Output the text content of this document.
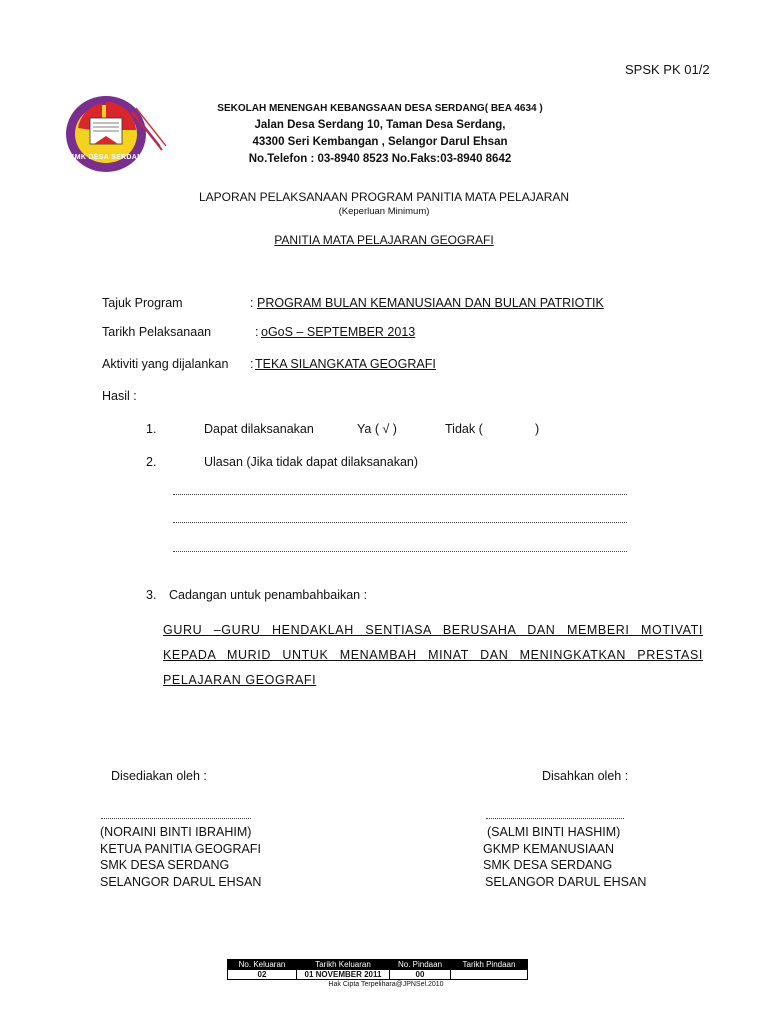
SPSK PK 01/2
SMK DESA SERDANG
SEKOLAH MENENGAH KEBANGSAAN DESA SERDANG( BEA 4634 )
Jalan Desa Serdang 10, Taman Desa Serdang,
43300 Seri Kembangan , Selangor Darul Ehsan
No.Telefon : 03-8940 8523 No.Faks:03-8940 8642
LAPORAN PELAKSANAAN PROGRAM PANITIA MATA PELAJARAN
(Keperluan Minimum)
PANITIA MATA PELAJARAN GEOGRAFI
Tajuk Program	: PROGRAM BULAN KEMANUSIAAN DAN BULAN PATRIOTIK
Tarikh Pelaksanaan	: oGoS – SEPTEMBER 2013
Aktiviti yang dijalankan : TEKA SILANGKATA GEOGRAFI
Hasil :
1.	Dapat dilaksanakan	Ya ( √ )	Tidak (	)
2.	Ulasan (Jika tidak dapat dilaksanakan)
3. Cadangan untuk penambahbaikan :
GURU –GURU HENDAKLAH SENTIASA BERUSAHA DAN MEMBERI MOTIVATI KEPADA MURID UNTUK MENAMBAH MINAT DAN MENINGKATKAN PRESTASI PELAJARAN GEOGRAFI
Disediakan oleh :	Disahkan oleh :
(NORAINI BINTI IBRAHIM)
KETUA PANITIA GEOGRAFI
SMK DESA SERDANG
SELANGOR DARUL EHSAN
(SALMI BINTI HASHIM)
GKMP KEMANUSIAAN
SMK DESA SERDANG
SELANGOR DARUL EHSAN
No. Keluaran	Tarikh Keluaran	No. Pindaan	Tarikh Pindaan
02	01 NOVEMBER 2011	00	
Hak Cipta Terpelihara@JPNSel.2010
